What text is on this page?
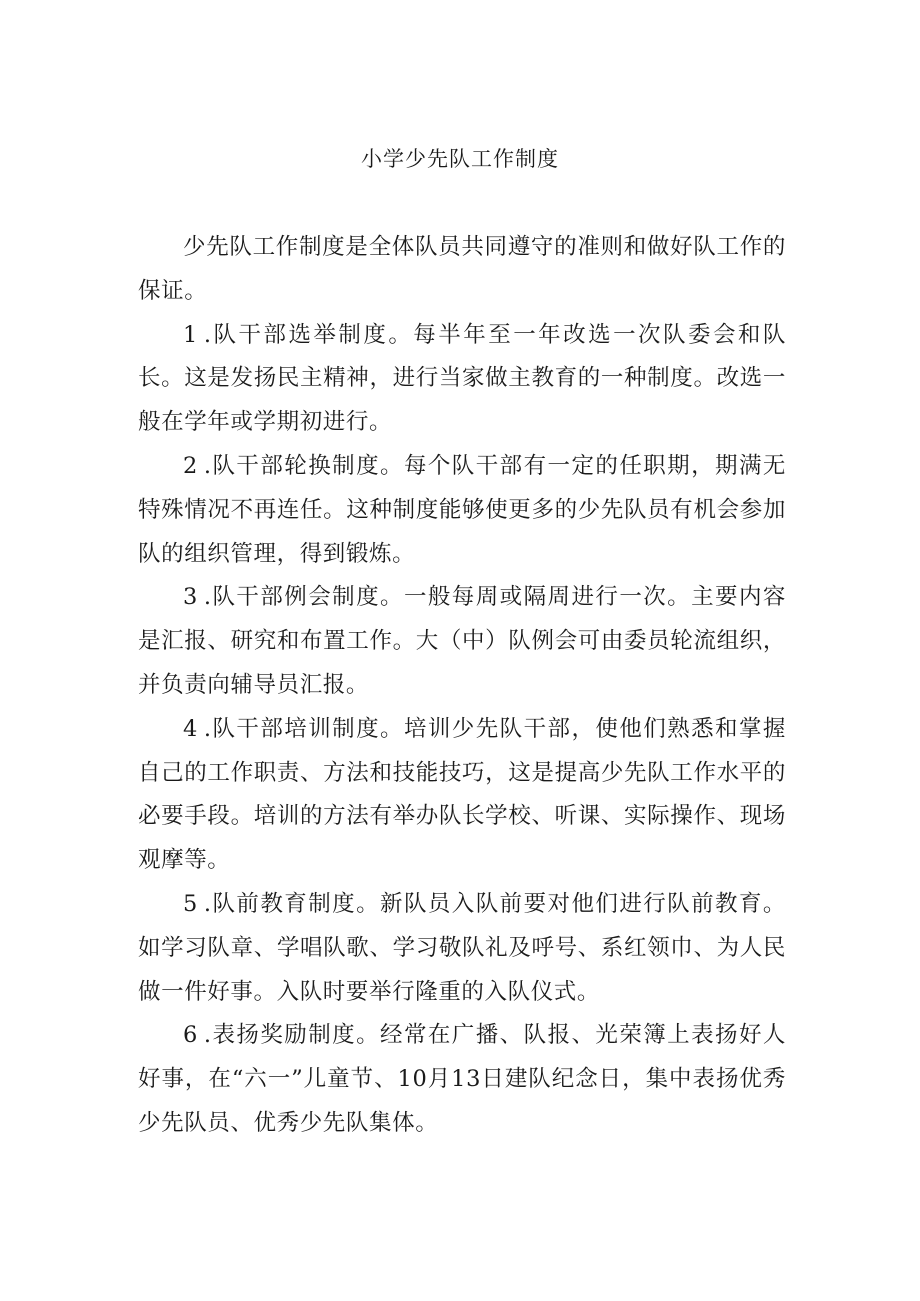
小学少先队工作制度

少先队工作制度是全体队员共同遵守的准则和做好队工作的保证。

1 .队干部选举制度。每半年至一年改选一次队委会和队长。这是发扬民主精神，进行当家做主教育的一种制度。改选一般在学年或学期初进行。

2 .队干部轮换制度。每个队干部有一定的任职期，期满无特殊情况不再连任。这种制度能够使更多的少先队员有机会参加队的组织管理，得到锻炼。

3 .队干部例会制度。一般每周或隔周进行一次。主要内容是汇报、研究和布置工作。大（中）队例会可由委员轮流组织，并负责向辅导员汇报。

4 .队干部培训制度。培训少先队干部，使他们熟悉和掌握自己的工作职责、方法和技能技巧，这是提高少先队工作水平的必要手段。培训的方法有举办队长学校、听课、实际操作、现场观摩等。

5 .队前教育制度。新队员入队前要对他们进行队前教育。如学习队章、学唱队歌、学习敬队礼及呼号、系红领巾、为人民做一件好事。入队时要举行隆重的入队仪式。

6 .表扬奖励制度。经常在广播、队报、光荣簿上表扬好人好事，在“六一”儿童节、10月13日建队纪念日，集中表扬优秀少先队员、优秀少先队集体。
